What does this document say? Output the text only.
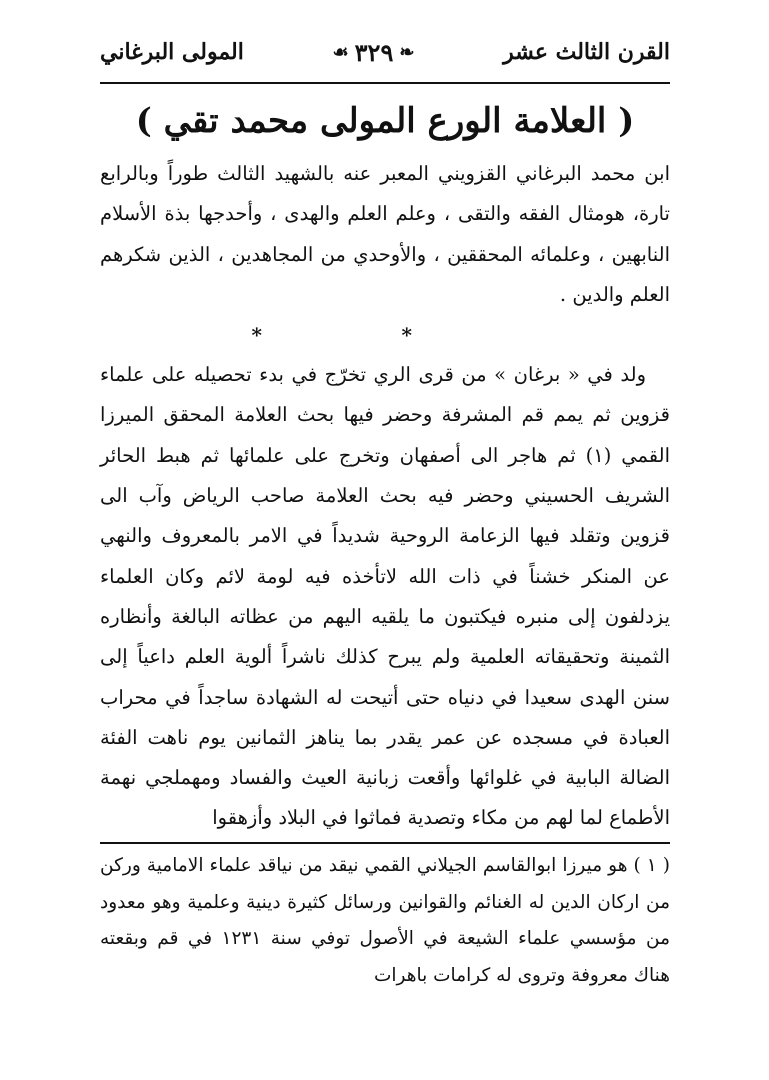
القرن الثالث عشر
❧
٣٢٩
☙
المولى البرغاني
( العلامة الورع المولى محمد تقي )

ابن محمد البرغاني القزويني المعبر عنه بالشهيد الثالث طوراً وبالرابع تارة، هومثال الفقه والتقى ، وعلم العلم والهدى ، وأحدجها بذة الأسلام النابهين ، وعلمائه المحققين ، والأوحدي من المجاهدين ، الذين شكرهم العلم والدين .

*
*

ولد في « برغان » من قرى الري تخرّج في بدء تحصيله على علماء قزوين ثم يمم قم المشرفة وحضر فيها بحث العلامة المحقق الميرزا القمي (١) ثم هاجر الى أصفهان وتخرج على علمائها ثم هبط الحائر الشريف الحسيني وحضر فيه بحث العلامة صاحب الرياض وآب الى قزوين وتقلد فيها الزعامة الروحية شديداً في الامر بالمعروف والنهي عن المنكر خشناً في ذات الله لاتأخذه فيه لومة لائم وكان العلماء يزدلفون إلى منبره فيكتبون ما يلقيه اليهم من عظاته البالغة وأنظاره الثمينة وتحقيقاته العلمية ولم يبرح كذلك ناشراً ألوية العلم داعياً إلى سنن الهدى سعيدا في دنياه حتى أتيحت له الشهادة ساجداً في محراب العبادة في مسجده عن عمر يقدر بما يناهز الثمانين يوم ناهت الفئة الضالة البابية في غلوائها وأقعت زبانية العيث والفساد ومهملجي نهمة الأطماع لما لهم من مكاء وتصدية فماثوا في البلاد وأزهقوا

( ١ ) هو ميرزا ابوالقاسم الجيلاني القمي نيقد من نياقد علماء الامامية وركن من اركان الدين له الغنائم والقوانين ورسائل كثيرة دينية وعلمية وهو معدود من مؤسسي علماء الشيعة في الأصول توفي سنة ١٢٣١ في قم وبقعته هناك معروفة وتروى له كرامات باهرات
